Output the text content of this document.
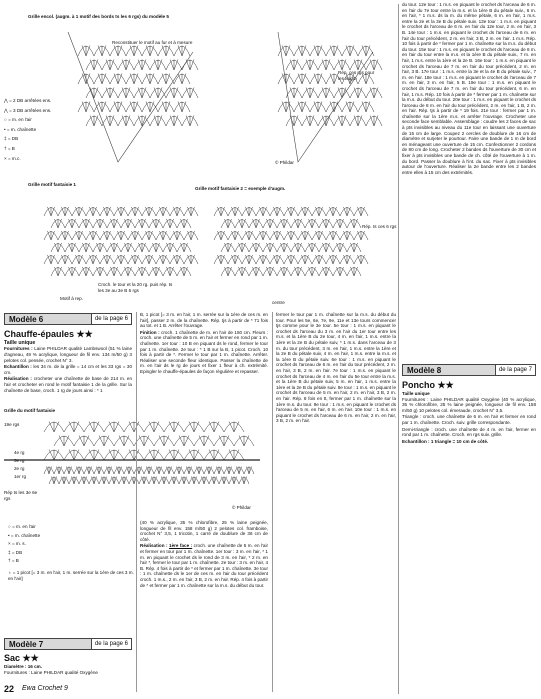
Grille encol. (augm. à 1 motif des bords ts les 6 rgs) du modèle 5
Reconstituer le motif au fur et à mesure
Rép. ces rgs pour les augm
© Phildar
⋀ = 2 DB arrêtées ens.
⋀ = 3 DB arrêtées ens.
○ = m. en l'air
• = m. chaînette
‡ = DB
† = B
× = m.c.
Grille motif fantaisie 1
Grille motif fantaisie 2 = exemple d'augm.
Rép. ts ces 6 rgs
centre
Croch. le tour et la 20 rg. puis rép. ts les 3e au 3e B 6 rgs
Motif à rep.

du tour. 12e tour : 1 m.s. en piquant le crochet ds l'arceau de 6 m. en l'air du 7e tour entre la m.s. et la 1ère B du pétale suiv., 6 m. en l'air, * 1 m.s. ds la m. du même pétale, 6 m. en l'air, 1 m.s. entre la 2e et la 3e B du pétale suiv. 13e tour : 1 m.s. en piquant le crochet ds l'arceau de 6 m. en l'air du 12e tour, 2 m. en l'air, 3 B. 14e tour : 1 m.s. en piquant le crochet ds l'arceau de 6 m. en l'air du tour précédent, 2 m. en l'air, 3 B, 2 m. en l'air. 1 m.s. Rép. 10 fois à partir de * fermer par 1 m. chaînette sur la m.s. du début du tour. 15e tour : 1 m.s. en piquant le crochet ds l'arceau de 6 m. en l'air du tour entre la m.s. et la 1ère B du pétale suiv., 7 m. en l'air, 1 m.s. entre la 1ère et la 2e B. 16e tour : 1 m.s. en piquant le crochet ds l'arceau de 7 m. en l'air du tour précédent, 2 m. en l'air, 3 B. 17e tour : 1 m.s. entre la 3e et la 4e B du pétale suiv., 7 m. en l'air. 18e tour : 1 m.s. en piquant le crochet ds l'arceau de 7 m. en l'air, 3 m. en l'air, 5 B. 19e tour : 1 m.s. en piquant le crochet ds l'arceau de 7 m. en l'air du tour précédent, 6 m. en l'air, 1 m.s. Rép. 10 fois à partir de * fermer par 1 m. chaînette sur la m.s. du début du tour. 20e tour : 1 m.s. en piquant le crochet ds l'arceau de 8 m. en l'air du tour précédent, 2 m. en l'air, 1 B, 2 m. en l'air. Rép. tjs à partir de * 19 fois. 21e tour : fermer par 1 m. chaînette sur la 1ère m.s. et arrêter l'ouvrage. Crocheter une seconde face semblable. Assemblage : coudre les 2 faces de sac à pts invisibles au niveau du 11e tour en laissant une ouverture de 15 cm de large. Coupez 2 cercles de doublure de 16 cm de diamètre et surjeter le pourtour. Faire une bande de 1 m de bord en ménageant une ouverture de 15 cm. Confectionner 2 cordons de 80 cm de long. Crocheter 2 bandes ds l'ouverture de 30 cm et fixer à pts invisibles une bande de ch. côté de l'ouverture à 1 m. du bord. Passer la doublure à l'int. du sac. Fixer à pts invisibles autour de l'ouverture. Réaliser la 2e bande entre les 2 bandes entre elles à 15 cm des extrémités.

Modèle 6	de la page 6
Chauffe-épaules ★★
Taille unique

Fournitures : Laine PHILDAR qualité Lambswool (51 % laine d'agneau, 49 % acrylique, longueur de fil env. 134 m/50 g) 3 pelotes col. pensée, crochet N° 3.

Echantillon : les 34 m. de la grille = 14 cm et les 33 rgs = 30 cm.

Réalisation : crocheter une chaînette de base de 214 m. en l'air et crocheter en rond le motif fantaisie 1 de la grille. Sur la chaînette de base, croch. 1 rg de jours ainsi : * 1

Grille du motif fantaisie
19e rgs
4e rg
3e rg
2e rg
1er rg
Rép ts les 3e 6e rgs
© Phildar
○ = m. en l'air
• = m. chaînette
× = m. s.
‡ = DB
† = B
♁ = 1 picot [= 3 m. en l'air, 1 m. serrée sur la 1ère de ces 3 m. en l'air]
Modèle 7	de la page 6
Sac ★★
Diamètre : 16 cm.
Fournitures : Laine PHILDAR qualité Oxygène
22 Ewa Crochet 9

B, 1 picot [= 3 m. en l'air, 1 m. serrée sur la 1ère de ces m. en l'air], passer 2 m. de la chaînette. Rép. tjs à partir de * 71 fois au tot. et 1 B. Arrêter l'ouvrage.

Finition : croch. 1 chaînette de m. en l'air de 150 cm. Fleurs : croch. une chaînette de 5 m. en l'air et fermer en rond par 1 m. chaînette. 1er tour : 10 B en piquant ds le rond, fermer le tour par 1 m. chaînette. 2e tour : * 1 B sur la B, 1 picot. Croch. 10 fois à partir de *. Fermer le tour par 1 m. chaînette. Arrêter. Réaliser une seconde fleur identique. Passer la chaînette de m. en l'air ds le rg de jours et fixer 1 fleur à ch. extrémité. Epingler le chauffe-épaules de façon régulière et repasser.

(40 % acrylique, 35 % chlorofibre, 25 % laine peignée, longueur de fil env. 158 m/50 g) 2 pelotes col. framboise, crochet N° 3,5, 1 tricotin, 1 carré de doublure de 36 cm de côté.

Réalisation : 1ère face : croch. une chaînette de 5 m. en l'air et fermer en tour par 1 m. chaînette. 1er tour : 3 m. en l'air, * 1 m. en piquant le crochet ds le rond de 3 m. en l'air, * 2 m. en l'air *, fermer le tour par 1 m. chaînette. 2e tour : 3 m. en l'air, 4 B. Rép. 4 fois à partir de * et fermer par 1 m. chaînette. 3e tour : 1 m. chaînette ds le 1er de ces m. en l'air du tour précédent croch. 1 m.s., 2 m. en l'air, 3 B, 2 m. en l'air. Rép. 4 fois à partir de * et fermer par 1 m. chaînette sur la m.s. du début du tour.

fermer le tour par 1 m. chaînette sur la m.s. du début du tour. Pour les 5e, 6e, 7e, 9e, 11e et 13e tours commencer tjs comme pour le 3e tour. 5e tour : 1 m.s. en piquant le crochet ds l'arceau du 3 m. en l'air du 1er tour entre les m.s. et la 1ère B du 2e tour, 4 m. en l'air, 1 m.s. entre la 1ère et la 2e B du pétale suiv, * 1 m.s. dans l'arceau de 3 m. du tour précédent, 3 m. en l'air, 1 m.s. entre la 1ère et la 2e B du pétale suiv, 4 m. en l'air, 1 m.s. entre la m.s. et la 1ère B du pétale suiv. 6e tour : 1 m.s. en piquant le crochet ds l'arceau de 6 m. en l'air du tour précédent, 2 m. en l'air, 3 B, 2 m. en l'air. 7e tour : 1 m.s. en piquant le crochet ds l'arceau de 4 m. en l'air du 5e tour entre la m.s. et la 1ère B du pétale suiv, 5 m. en l'air, 1 m.s. entre la 1ère et la 2e B du pétale suiv. 8e tour : 1 m.s. en piquant le crochet ds l'arceau de 5 m. en l'air, 2 m. en l'air, 3 B, 2 m. en l'air. Rép. 8 fois en tt, fermer par 1 m. chaînette sur la 1ère m.s. du tour. 9e tour : 1 m.s. en piquant le crochet ds l'arceau de 5 m. en l'air, 6 m. en l'air. 10e tour : 1 m.s. en piquant le crochet ds l'arceau de 6 m. en l'air, 2 m. en l'air, 3 B, 2 m. en l'air.

Modèle 8	de la page 7
Poncho ★★
Taille unique

Fournitures : Laine PHILDAR qualité Oxygène (40 % acrylique, 35 % chlorofibre, 25 % laine peignée, longueur de fil env. 158 m/50 g) 10 pelotes col. émeraude, crochet N° 3,5.

Triangle : croch. une chaînette de 6 m. en l'air et fermer en rond par 1 m. chaînette. Croch. suiv. grille correspondante.

Demi-triangle : croch. une chaînette de 4 m. en l'air, fermer en rond par 1 m. chaînette. Croch. en rgs suiv. grille.

Echantillon : 1 triangle = 10 cm de côté.
